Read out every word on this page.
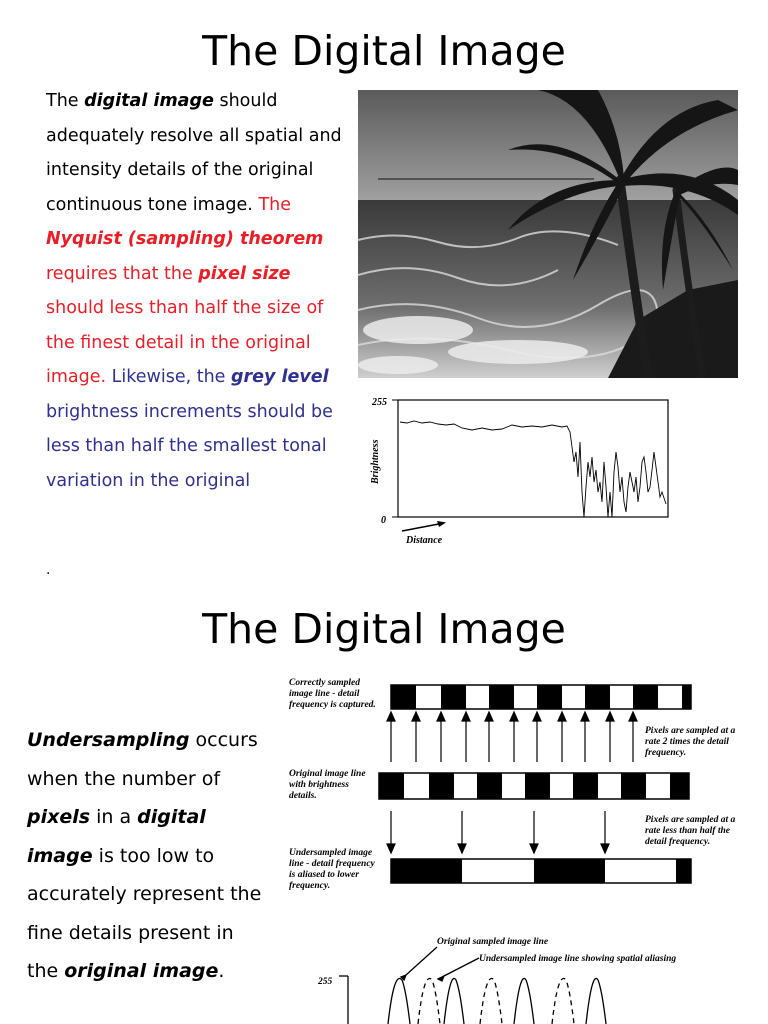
The Digital Image

The digital image should adequately resolve all spatial and intensity details of the original continuous tone image. The Nyquist (sampling) theorem requires that the pixel size should less than half the size of the finest detail in the original image. Likewise, the grey level brightness increments should be less than half the smallest tonal variation in the original

.
255
0
Brightness
Distance
The Digital Image

Undersampling occurs when the number of pixels in a digital image is too low to accurately represent the fine details present in the original image.

Correctly sampled
image line - detail
frequency is captured.
Original image line
with brightness
details.
Undersampled image
line - detail frequency
is aliased to lower
frequency.
Pixels are sampled at a
rate 2 times the detail
frequency.
Pixels are sampled at a
rate less than half the
detail frequency.
Original sampled image line
Undersampled image line showing spatial aliasing
255
